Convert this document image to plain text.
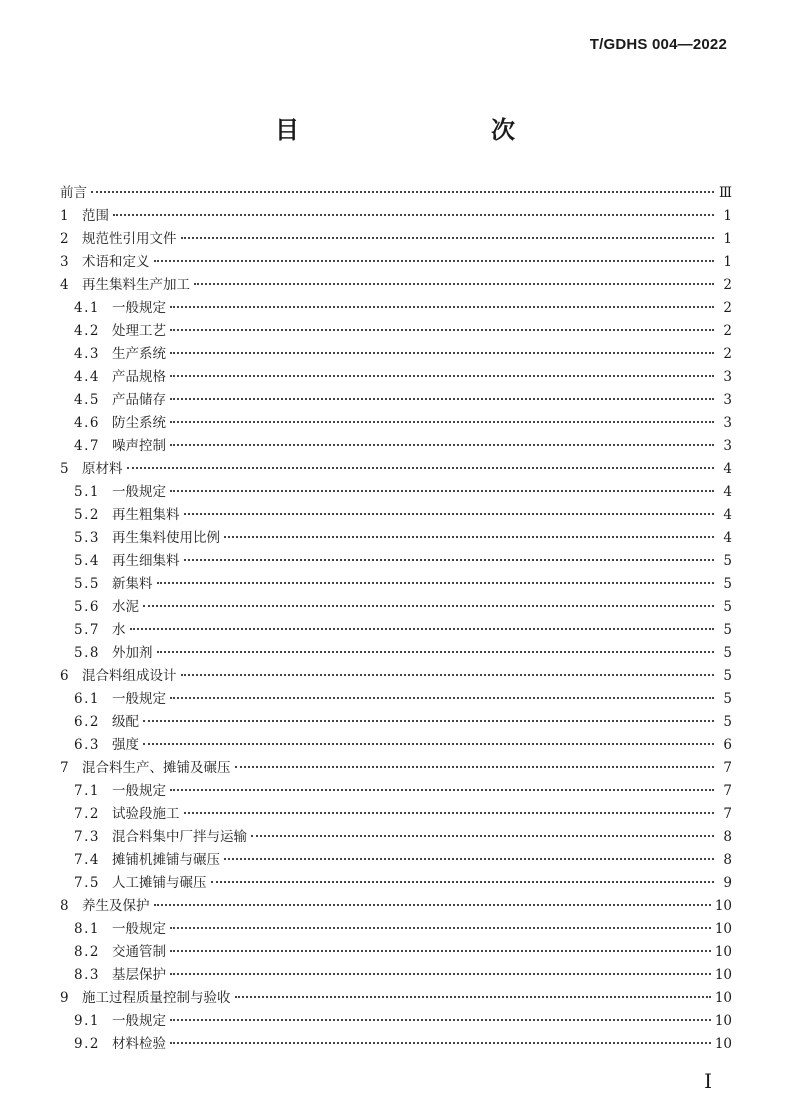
T/GDHS 004—2022
目　　次
前言	Ⅲ
1 范围	1
2 规范性引用文件	1
3 术语和定义	1
4 再生集料生产加工	2
4.1 一般规定	2
4.2 处理工艺	2
4.3 生产系统	2
4.4 产品规格	3
4.5 产品储存	3
4.6 防尘系统	3
4.7 噪声控制	3
5 原材料	4
5.1 一般规定	4
5.2 再生粗集料	4
5.3 再生集料使用比例	4
5.4 再生细集料	5
5.5 新集料	5
5.6 水泥	5
5.7 水	5
5.8 外加剂	5
6 混合料组成设计	5
6.1 一般规定	5
6.2 级配	5
6.3 强度	6
7 混合料生产、摊铺及碾压	7
7.1 一般规定	7
7.2 试验段施工	7
7.3 混合料集中厂拌与运输	8
7.4 摊铺机摊铺与碾压	8
7.5 人工摊铺与碾压	9
8 养生及保护	10
8.1 一般规定	10
8.2 交通管制	10
8.3 基层保护	10
9 施工过程质量控制与验收	10
9.1 一般规定	10
9.2 材料检验	10
I
